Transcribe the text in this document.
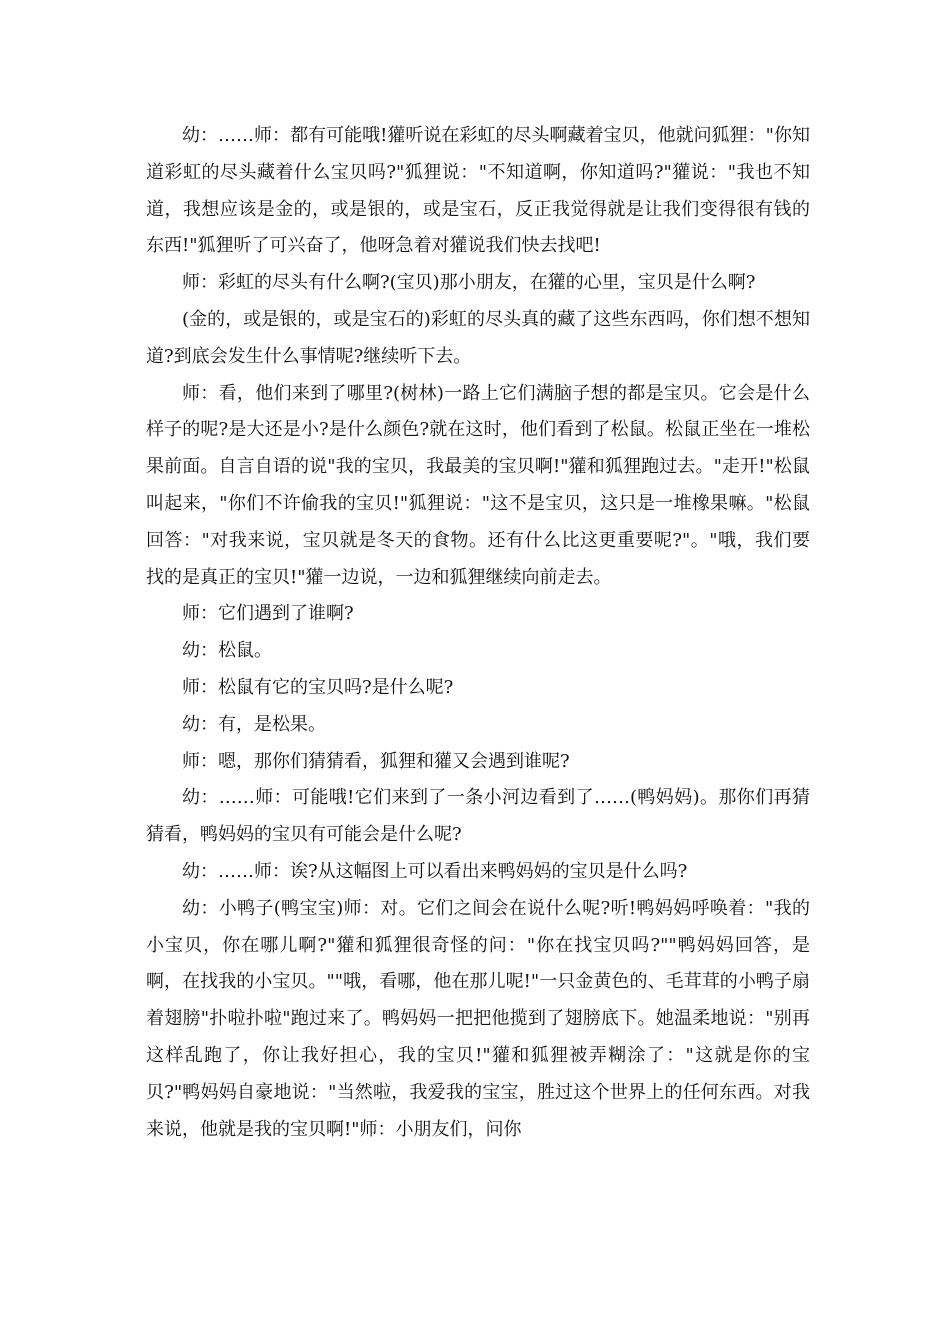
幼：……师：都有可能哦!獾听说在彩虹的尽头啊藏着宝贝，他就问狐狸："你知道彩虹的尽头藏着什么宝贝吗?"狐狸说："不知道啊，你知道吗?"獾说："我也不知道，我想应该是金的，或是银的，或是宝石，反正我觉得就是让我们变得很有钱的东西!"狐狸听了可兴奋了，他呀急着对獾说我们快去找吧!

师：彩虹的尽头有什么啊?(宝贝)那小朋友，在獾的心里，宝贝是什么啊?

(金的，或是银的，或是宝石的)彩虹的尽头真的藏了这些东西吗，你们想不想知道?到底会发生什么事情呢?继续听下去。

师：看，他们来到了哪里?(树林)一路上它们满脑子想的都是宝贝。它会是什么样子的呢?是大还是小?是什么颜色?就在这时，他们看到了松鼠。松鼠正坐在一堆松果前面。自言自语的说"我的宝贝，我最美的宝贝啊!"獾和狐狸跑过去。"走开!"松鼠叫起来，"你们不许偷我的宝贝!"狐狸说："这不是宝贝，这只是一堆橡果嘛。"松鼠回答："对我来说，宝贝就是冬天的食物。还有什么比这更重要呢?"。"哦，我们要找的是真正的宝贝!"獾一边说，一边和狐狸继续向前走去。

师：它们遇到了谁啊?

幼：松鼠。

师：松鼠有它的宝贝吗?是什么呢?

幼：有，是松果。

师：嗯，那你们猜猜看，狐狸和獾又会遇到谁呢?

幼：……师：可能哦!它们来到了一条小河边看到了……(鸭妈妈)。那你们再猜猜看，鸭妈妈的宝贝有可能会是什么呢?

幼：……师：诶?从这幅图上可以看出来鸭妈妈的宝贝是什么吗?

幼：小鸭子(鸭宝宝)师：对。它们之间会在说什么呢?听!鸭妈妈呼唤着："我的小宝贝，你在哪儿啊?"獾和狐狸很奇怪的问："你在找宝贝吗?""鸭妈妈回答，是啊，在找我的小宝贝。""哦，看哪，他在那儿呢!"一只金黄色的、毛茸茸的小鸭子扇着翅膀"扑啦扑啦"跑过来了。鸭妈妈一把把他揽到了翅膀底下。她温柔地说："别再这样乱跑了，你让我好担心，我的宝贝!"獾和狐狸被弄糊涂了："这就是你的宝贝?"鸭妈妈自豪地说："当然啦，我爱我的宝宝，胜过这个世界上的任何东西。对我来说，他就是我的宝贝啊!"师：小朋友们，问你
